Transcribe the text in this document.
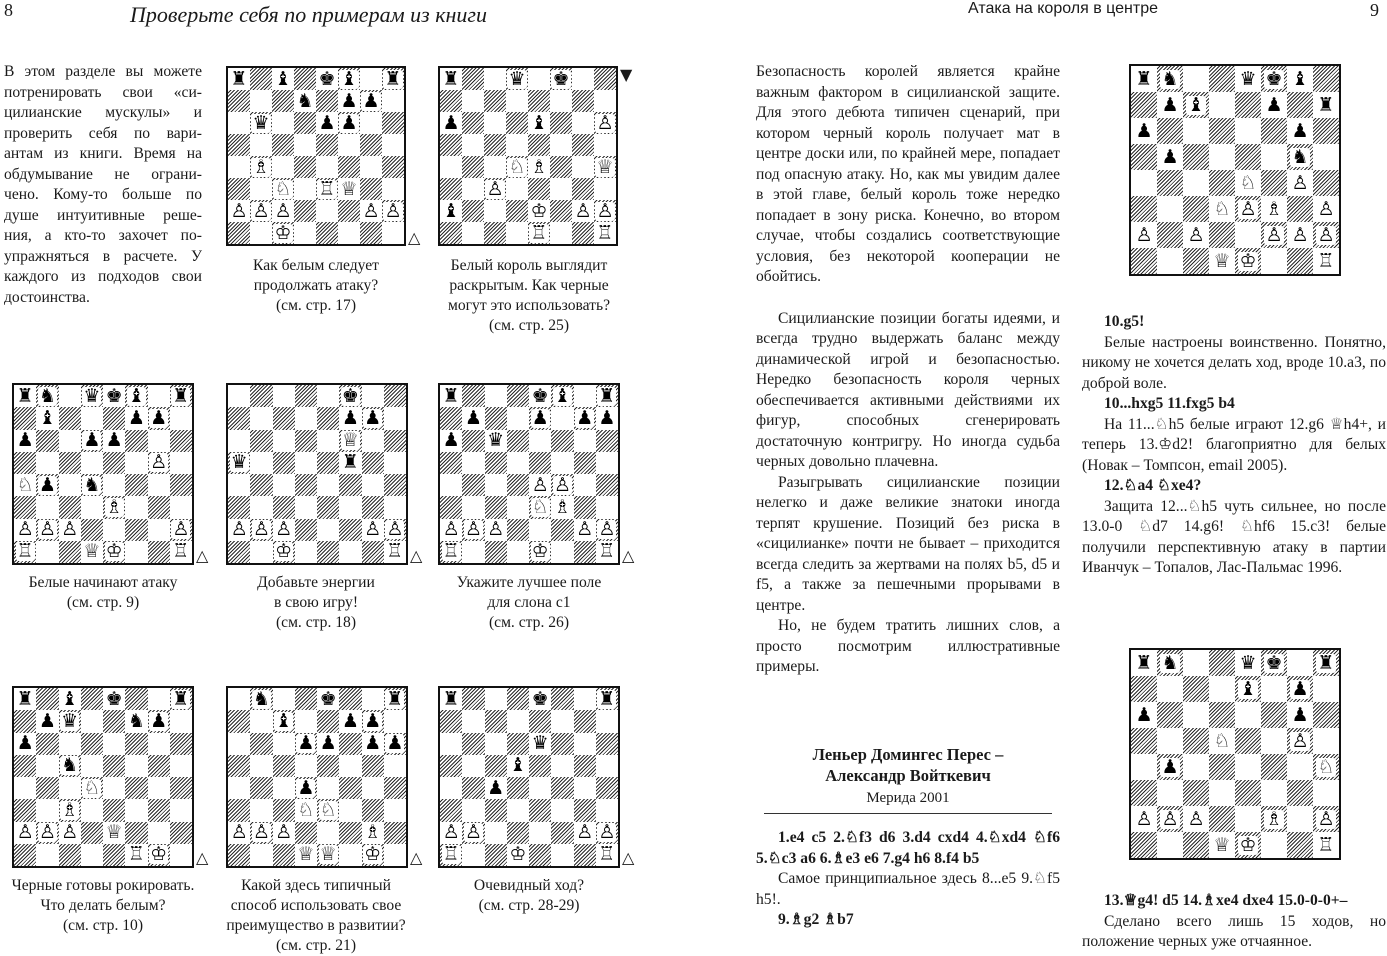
8	Проверьте себя по примерам из книги	Атака на короля в центре	9
В этом разделе вы можете
потренировать свои «си-
цилианские мускулы» и
проверить себя по вари-
антам из книги. Время на
обдумывание не ограни-
чено. Кому-то больше по
душе интуитивные реше-
ния, а кто-то захочет по-
упражняться в расчете. У
каждого из подходов свои
достоинства.
♜ ♝ ♚ ♝ ♜
♞ ♟ ♟
♛	♟ ♟
♗
♘ ♖ ♕
♙ ♙ ♙	♙ ♙
♔	△
♜	♛ ♚
♟	♝	♙
♘ ♗	♕
♙
♝	♔ ♙ ♙
♖	♖
▼
♜ ♞ ♛ ♚ ♝ ♜
♝	♟ ♟
♟	♟ ♟
♙
♘ ♟ ♞
♗
♙ ♙ ♙	♙
♖	♕ ♔	♖ △
♚
♟ ♟
♕
♛	♜
♙ ♙ ♙	♙ ♙
♔	♖ △
♜	♚ ♝ ♜
♟	♟ ♟ ♟
♟ ♛
♙ ♙
♘ ♗
♙ ♙ ♙	♙ ♙
♖	♔	♖ △
♜ ♝ ♚	♜
♟ ♛	♞ ♟
♟
♞
♘
♗
♙ ♙ ♙ ♕
♖ ♔ △
♞	♚	♜
♝	♟ ♟
♟ ♟ ♟ ♟
♟
♘ ♘
♙ ♙ ♙	♗
♕ ♕ ♔ △
♜	♚	♜
♛
♝
♟
♙ ♙	♙ ♙
♖	♔	♖ △
Как белым следует
продолжать атаку?
(см. стр. 17)
Белый король выглядит
раскрытым. Как черные
могут это использовать?
(см. стр. 25)
Белые начинают атаку
(см. стр. 9)
Добавьте энергии
в свою игру!
(см. стр. 18)
Укажите лучшее поле
для слона c1
(см. стр. 26)
Черные готовы рокировать.
Что делать белым?
(см. стр. 10)
Какой здесь типичный
способ использовать свое
преимущество в развитии?
(см. стр. 21)
Очевидный ход?
(см. стр. 28-29)

Безопасность королей является крайне важным фактором в сицилианской защите. Для этого дебюта типичен сценарий, при котором черный король получает мат в центре доски или, по крайней мере, попадает под опасную атаку. Но, как мы увидим далее в этой главе, белый король тоже нередко попадает в зону риска. Конечно, во втором случае, чтобы создались соответствующие условия, без некоторой кооперации не обойтись.

Сицилианские позиции богаты идеями, и всегда трудно выдержать баланс между динамической игрой и безопасностью. Нередко безопасность короля черных обеспечивается активными действиями их фигур, способных сгенерировать достаточную контригру. Но иногда судьба черных довольно плачевна.

Разыгрывать сицилианские позиции нелегко и даже великие знатоки иногда терпят крушение. Позиций без риска в «сицилианке» почти не бывает – приходится всегда следить за жертвами на полях b5, d5 и f5, а также за пешечными прорывами в центре.

Но, не будем тратить лишних слов, а просто посмотрим иллюстративные примеры.

Леньер Домингес Перес –
Александр Войткевич
Мерида 2001

1.e4 c5 2.♘f3 d6 3.d4 cxd4 4.♘xd4 ♘f6 5.♘c3 a6 6.♗e3 e6 7.g4 h6 8.f4 b5

Самое принципиальное здесь 8...e5 9.♘f5 h5!.

9.♗g2 ♗b7

♜ ♞	♛ ♚ ♝
♟ ♝	♟ ♜
♟	♟
♟	♞
♘ ♙
♘ ♙ ♗ ♙
♙ ♙	♙ ♙ ♙
♕ ♔	♖

10.g5!

Белые настроены воинственно. Понятно, никому не хочется делать ход, вроде 10.a3, по доброй воле.

10...hxg5 11.fxg5 b4

На 11...♘h5 белые играют 12.g6 ♕h4+, и теперь 13.♔d2! благоприятно для белых (Новак – Томпсон, email 2005).

12.♘a4 ♘xe4?

Защита 12...♘h5 чуть сильнее, но после 13.0-0 ♘d7 14.g6! ♘hf6 15.c3! белые получили перспективную атаку в партии Иванчук – Топалов, Лас-Пальмас 1996.

♜ ♞	♛ ♚ ♜
♝ ♟
♟	♟
♘	♙
♟	♘
♙ ♙ ♙	♗ ♙
♕ ♔	♖

13.♕g4! d5 14.♗xe4 dxe4 15.0-0-0+–

Сделано всего лишь 15 ходов, но положение черных уже отчаянное.
